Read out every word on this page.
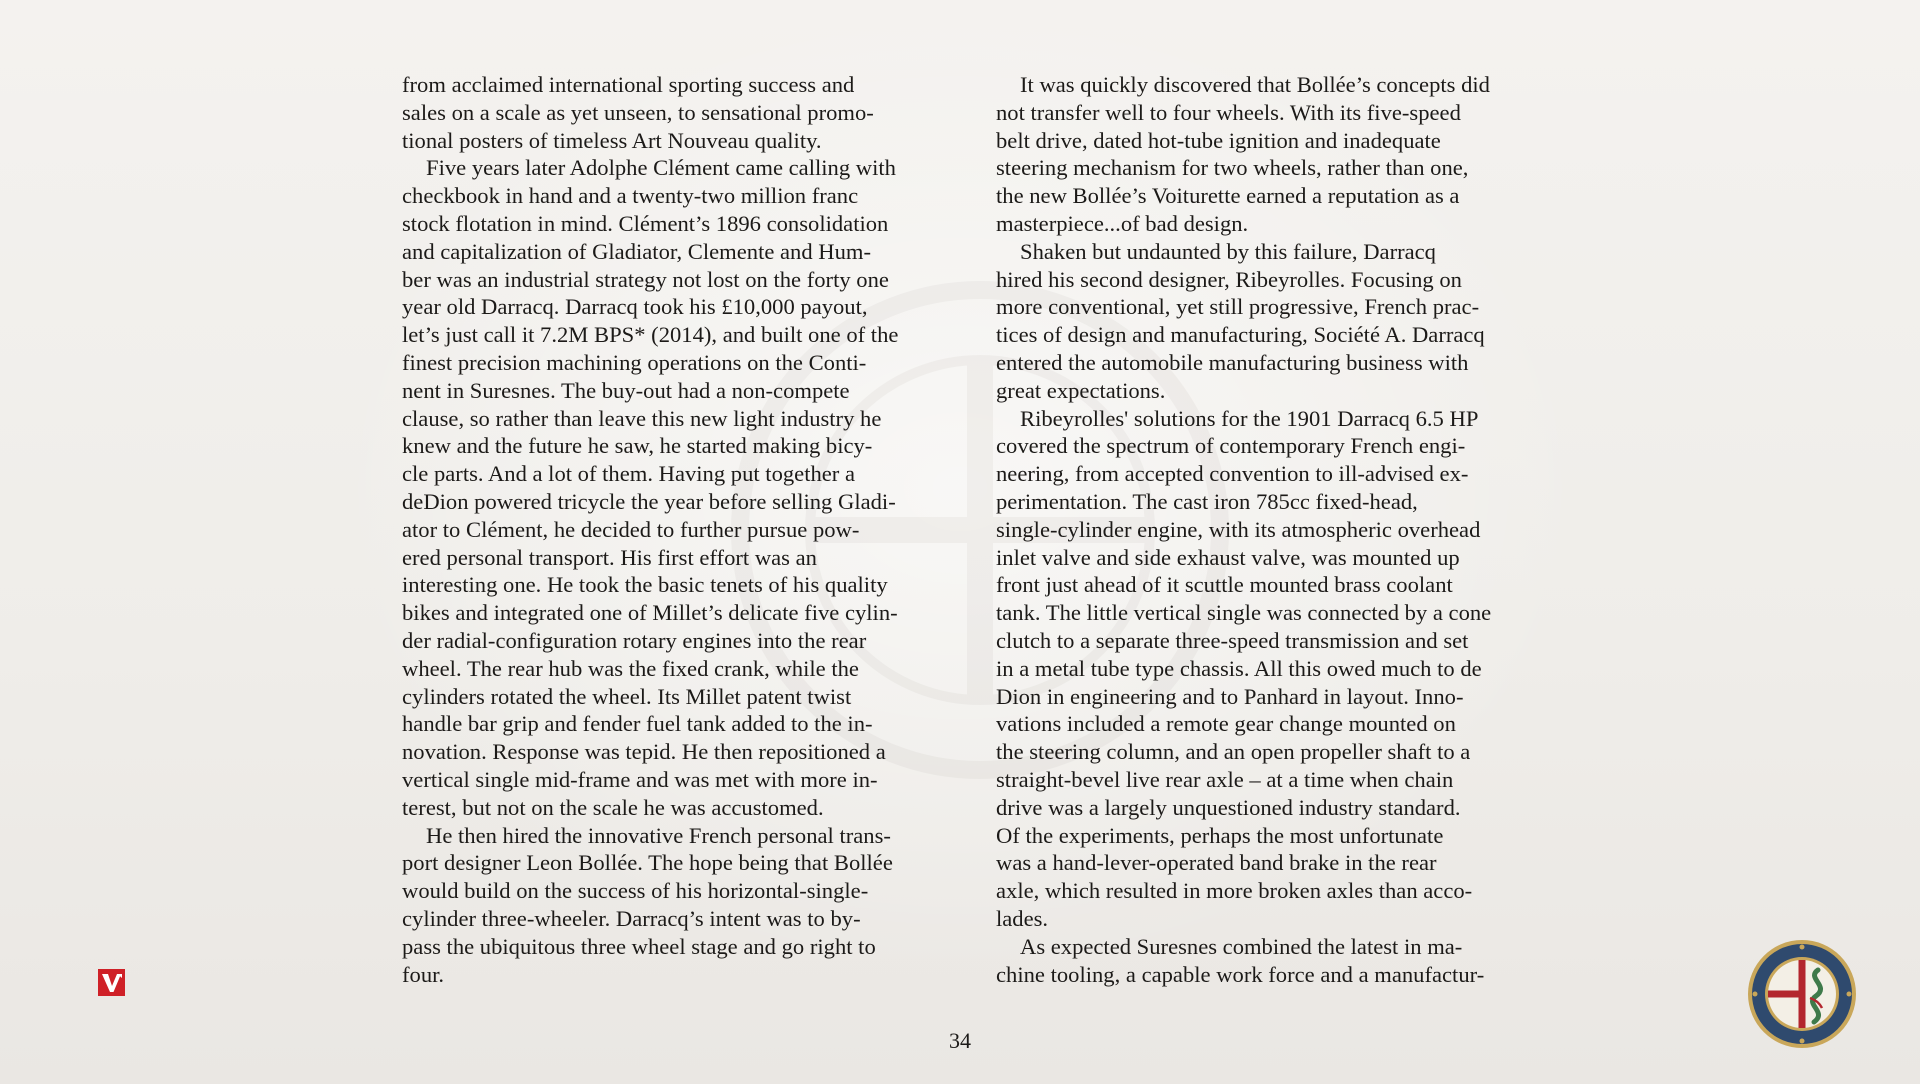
from acclaimed international sporting success and
sales on a scale as yet unseen, to sensational promo-
tional posters of timeless Art Nouveau quality.

Five years later Adolphe Clément came calling with
checkbook in hand and a twenty-two million franc
stock flotation in mind. Clément’s 1896 consolidation
and capitalization of Gladiator, Clemente and Hum-
ber was an industrial strategy not lost on the forty one
year old Darracq. Darracq took his £10,000 payout,
let’s just call it 7.2M BPS* (2014), and built one of the
finest precision machining operations on the Conti-
nent in Suresnes. The buy-out had a non-compete
clause, so rather than leave this new light industry he
knew and the future he saw, he started making bicy-
cle parts. And a lot of them. Having put together a
deDion powered tricycle the year before selling Gladi-
ator to Clément, he decided to further pursue pow-
ered personal transport. His first effort was an
interesting one. He took the basic tenets of his quality
bikes and integrated one of Millet’s delicate five cylin-
der radial-configuration rotary engines into the rear
wheel. The rear hub was the fixed crank, while the
cylinders rotated the wheel. Its Millet patent twist
handle bar grip and fender fuel tank added to the in-
novation. Response was tepid. He then repositioned a
vertical single mid-frame and was met with more in-
terest, but not on the scale he was accustomed.

He then hired the innovative French personal trans-
port designer Leon Bollée. The hope being that Bollée
would build on the success of his horizontal-single-
cylinder three-wheeler. Darracq’s intent was to by-
pass the ubiquitous three wheel stage and go right to
four.

It was quickly discovered that Bollée’s concepts did
not transfer well to four wheels. With its five-speed
belt drive, dated hot-tube ignition and inadequate
steering mechanism for two wheels, rather than one,
the new Bollée’s Voiturette earned a reputation as a
masterpiece...of bad design.

Shaken but undaunted by this failure, Darracq
hired his second designer, Ribeyrolles. Focusing on
more conventional, yet still progressive, French prac-
tices of design and manufacturing, Société A. Darracq
entered the automobile manufacturing business with
great expectations.

Ribeyrolles' solutions for the 1901 Darracq 6.5 HP
covered the spectrum of contemporary French engi-
neering, from accepted convention to ill-advised ex-
perimentation. The cast iron 785cc fixed-head,
single-cylinder engine, with its atmospheric overhead
inlet valve and side exhaust valve, was mounted up
front just ahead of it scuttle mounted brass coolant
tank. The little vertical single was connected by a cone
clutch to a separate three-speed transmission and set
in a metal tube type chassis. All this owed much to de
Dion in engineering and to Panhard in layout. Inno-
vations included a remote gear change mounted on
the steering column, and an open propeller shaft to a
straight-bevel live rear axle – at a time when chain
drive was a largely unquestioned industry standard.
Of the experiments, perhaps the most unfortunate
was a hand-lever-operated band brake in the rear
axle, which resulted in more broken axles than acco-
lades.

As expected Suresnes combined the latest in ma-
chine tooling, a capable work force and a manufactur-

34
